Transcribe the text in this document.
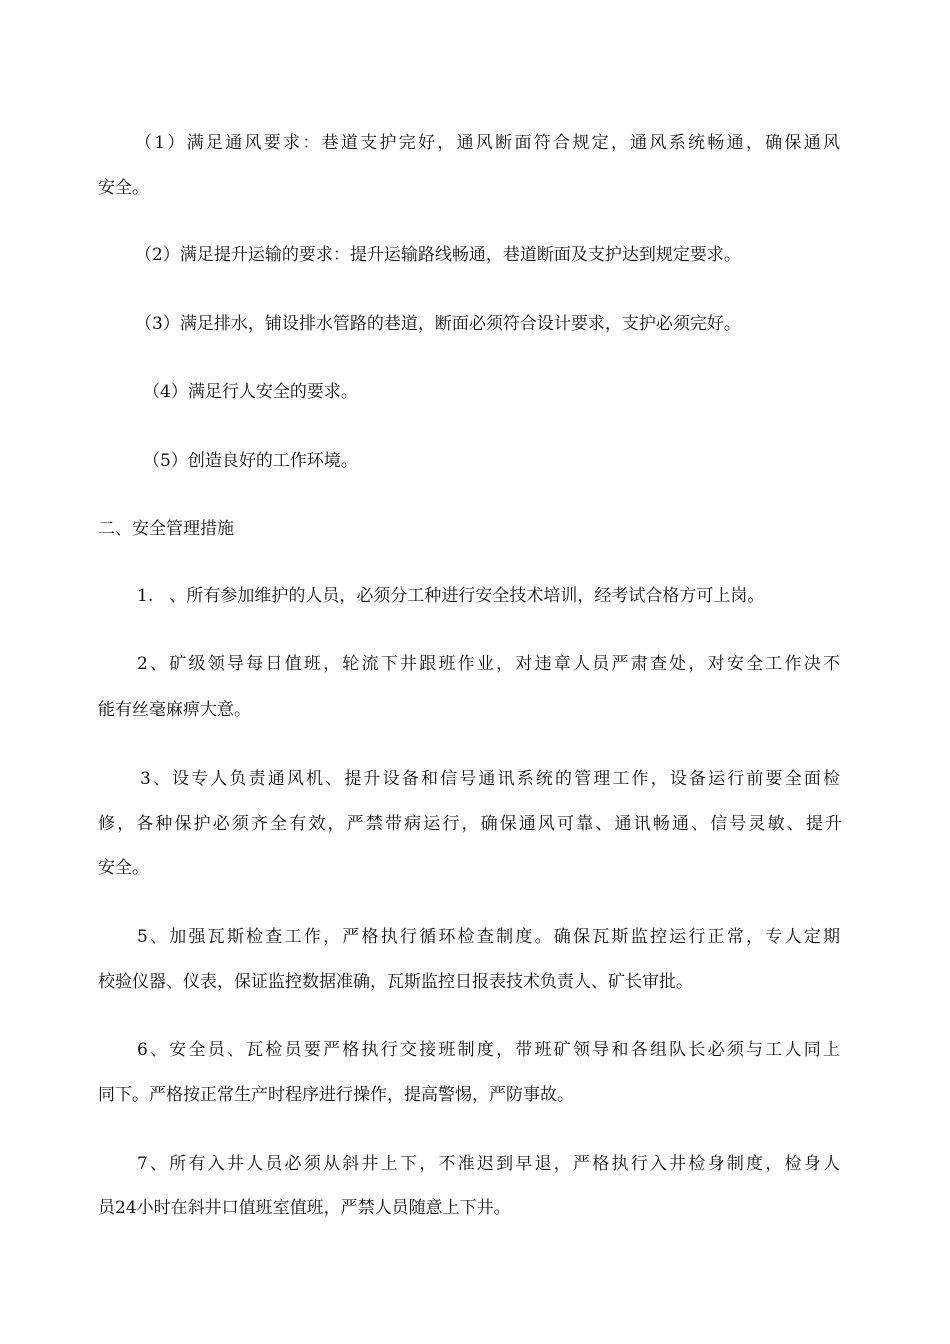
（1）满足通风要求：巷道支护完好，通风断面符合规定，通风系统畅通，确保通风
安全。
（2）满足提升运输的要求：提升运输路线畅通，巷道断面及支护达到规定要求。
（3）满足排水，铺设排水管路的巷道，断面必须符合设计要求，支护必须完好。
（4）满足行人安全的要求。
（5）创造良好的工作环境。
二、安全管理措施
1.   、所有参加维护的人员，必须分工种进行安全技术培训，经考试合格方可上岗。
2、矿级领导每日值班，轮流下井跟班作业，对违章人员严肃查处，对安全工作决不
能有丝毫麻痹大意。
3、设专人负责通风机、提升设备和信号通讯系统的管理工作，设备运行前要全面检
修，各种保护必须齐全有效，严禁带病运行，确保通风可靠、通讯畅通、信号灵敏、提升
安全。
5、加强瓦斯检查工作，严格执行循环检查制度。确保瓦斯监控运行正常，专人定期
校验仪器、仪表，保证监控数据准确，瓦斯监控日报表技术负责人、矿长审批。
6、安全员、瓦检员要严格执行交接班制度，带班矿领导和各组队长必须与工人同上
同下。严格按正常生产时程序进行操作，提高警惕，严防事故。
7、所有入井人员必须从斜井上下，不准迟到早退，严格执行入井检身制度，检身人
员24小时在斜井口值班室值班，严禁人员随意上下井。
